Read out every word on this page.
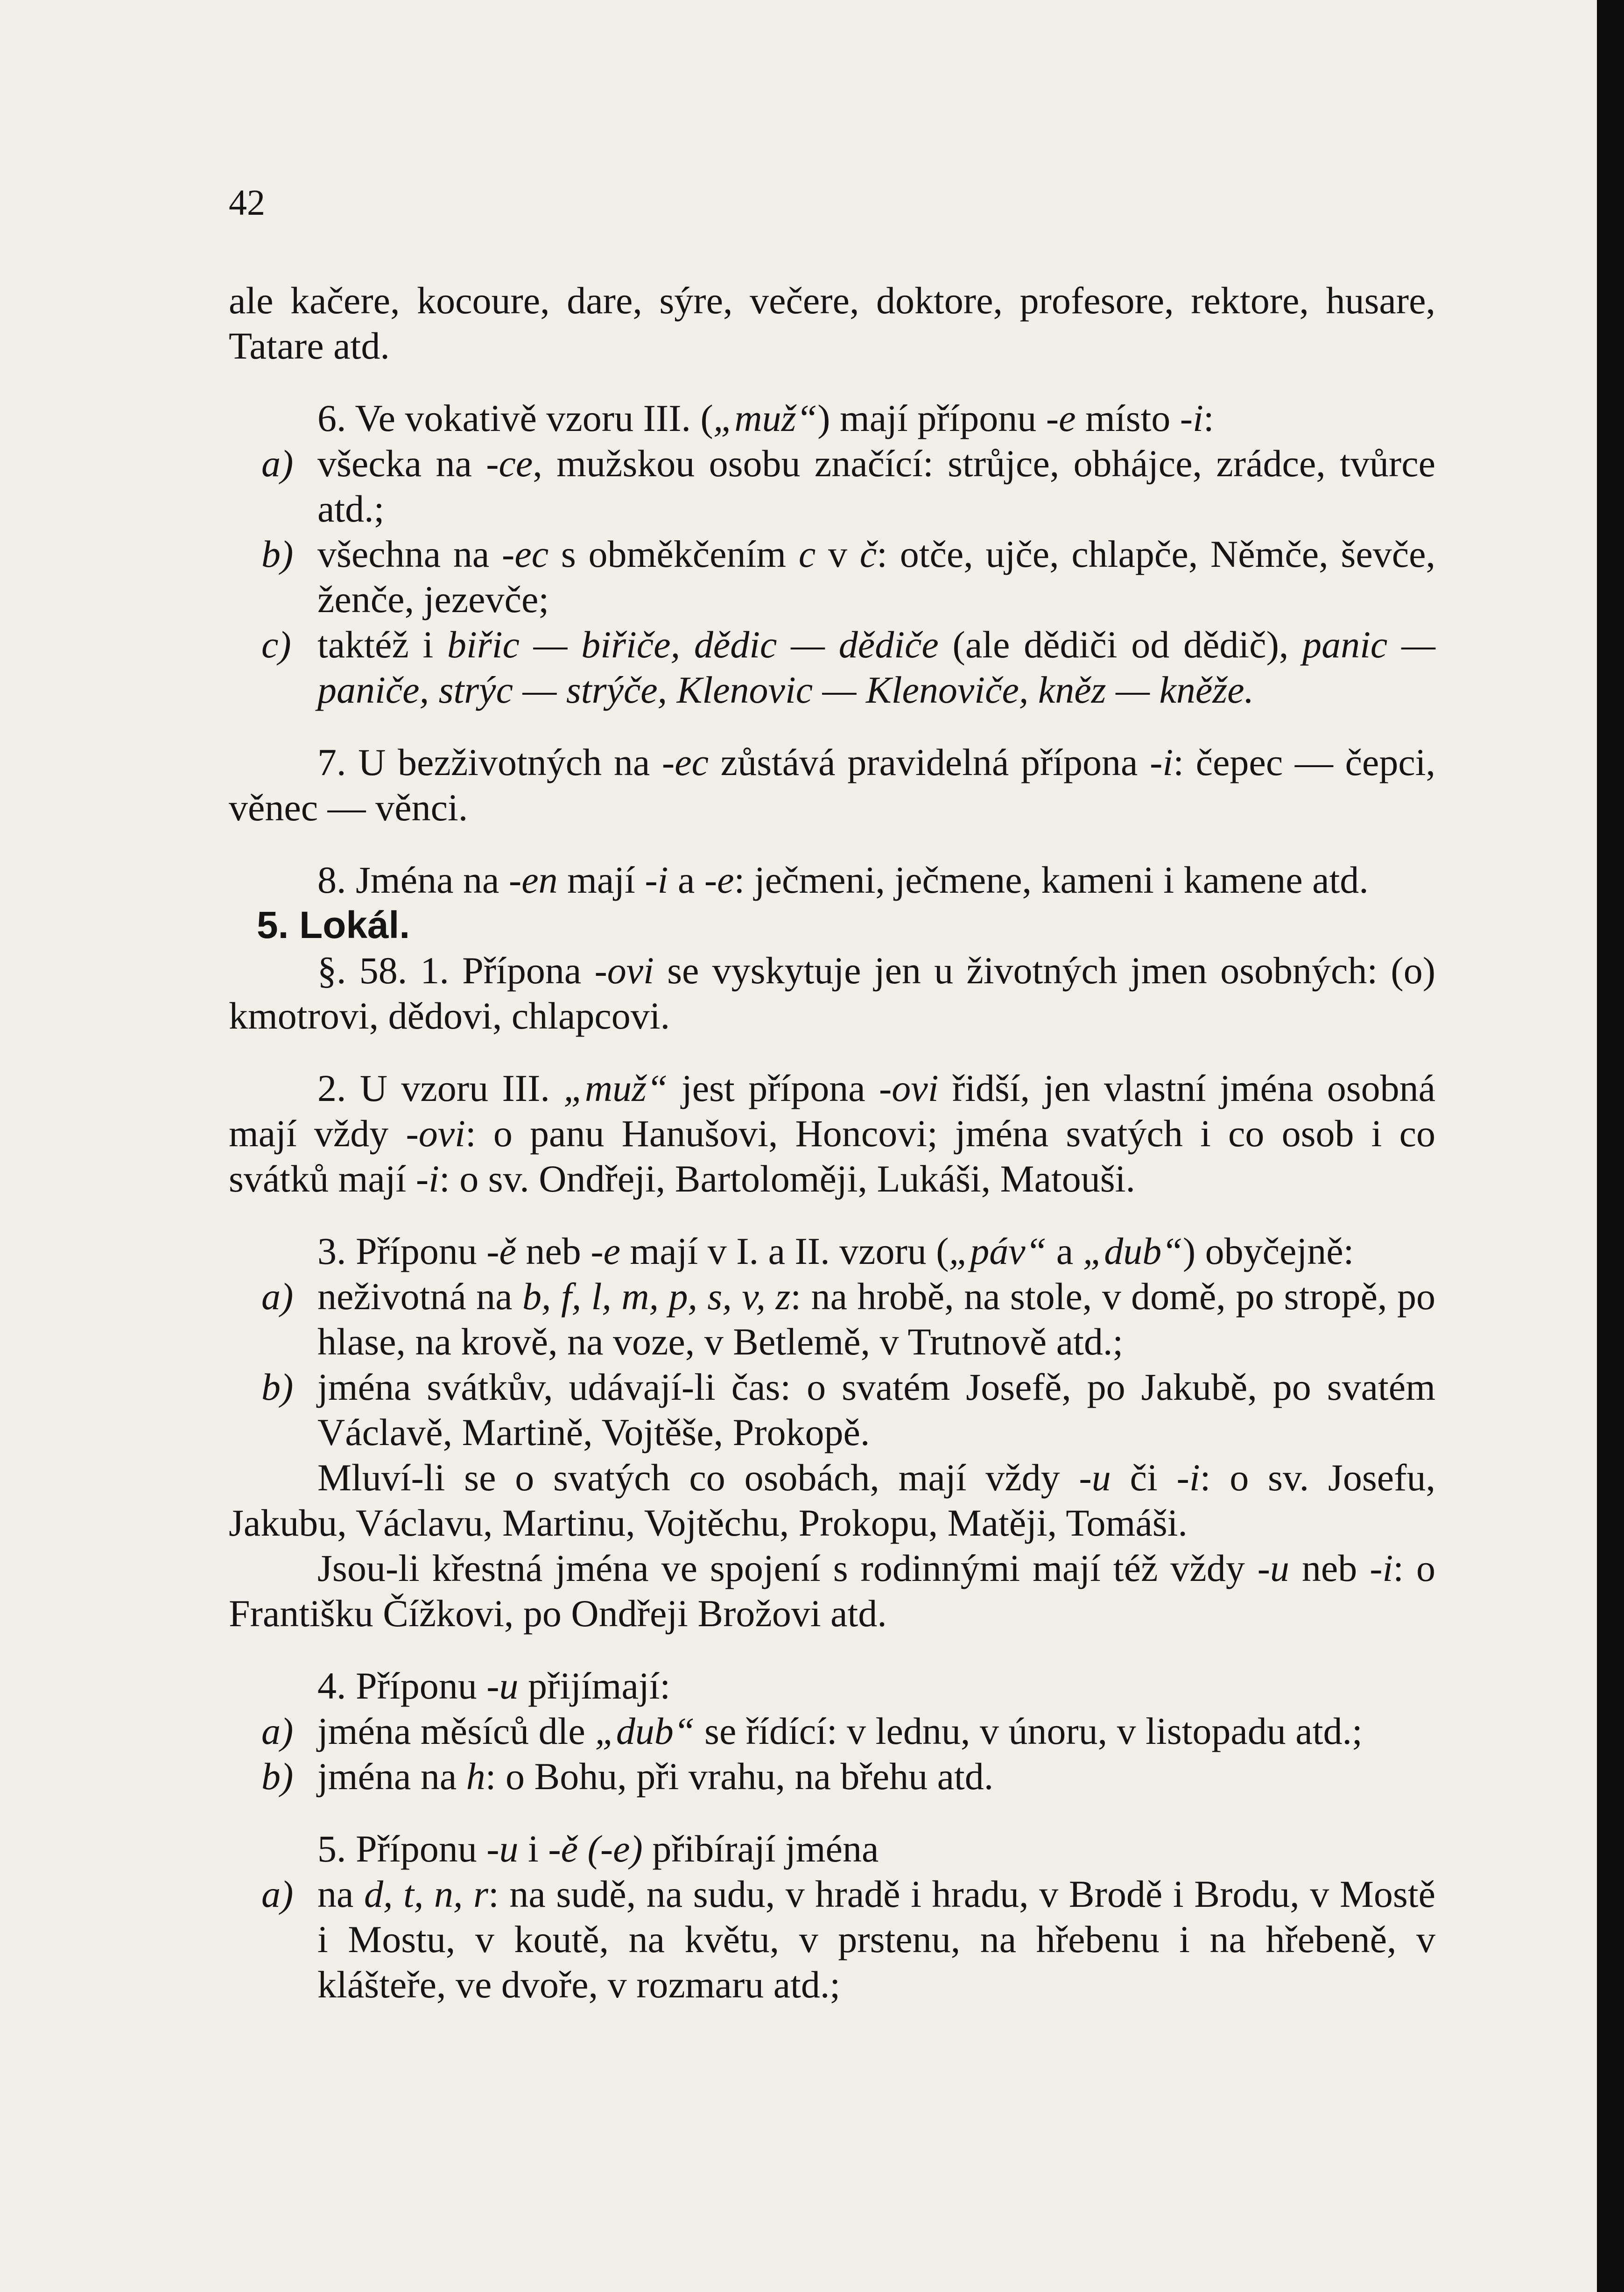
42

ale kačere, kocoure, dare, sýre, večere, doktore, profesore, rektore, husare, Tatare atd.

6. Ve vokativě vzoru III. („muž“) mají příponu -e místo -i:

a) všecka na -ce, mužskou osobu značící: strůjce, obhájce, zrádce, tvůrce atd.;

b) všechna na -ec s obměkčením c v č: otče, ujče, chlapče, Němče, ševče, ženče, jezevče;

c) taktéž i biřic — biřiče, dědic — dědiče (ale dědiči od dědič), panic — paniče, strýc — strýče, Klenovic — Klenoviče, kněz — kněže.

7. U bezživotných na -ec zůstává pravidelná přípona -i: čepec — čepci, věnec — věnci.

8. Jména na -en mají -i a -e: ječmeni, ječmene, kameni i kamene atd.

5. Lokál.

§. 58. 1. Přípona -ovi se vyskytuje jen u životných jmen osobných: (o) kmotrovi, dědovi, chlapcovi.

2. U vzoru III. „muž“ jest přípona -ovi řidší, jen vlastní jména osobná mají vždy -ovi: o panu Hanušovi, Honcovi; jména svatých i co osob i co svátků mají -i: o sv. Ondřeji, Bartoloměji, Lukáši, Matouši.

3. Příponu -ě neb -e mají v I. a II. vzoru („páv“ a „dub“) obyčejně:

a) neživotná na b, f, l, m, p, s, v, z: na hrobě, na stole, v domě, po stropě, po hlase, na krově, na voze, v Betlemě, v Trutnově atd.;

b) jména svátkův, udávají-li čas: o svatém Josefě, po Jakubě, po svatém Václavě, Martině, Vojtěše, Prokopě.

Mluví-li se o svatých co osobách, mají vždy -u či -i: o sv. Josefu, Jakubu, Václavu, Martinu, Vojtěchu, Prokopu, Matěji, Tomáši.

Jsou-li křestná jména ve spojení s rodinnými mají též vždy -u neb -i: o Františku Čížkovi, po Ondřeji Brožovi atd.

4. Příponu -u přijímají:

a) jména měsíců dle „dub“ se řídící: v lednu, v únoru, v listopadu atd.;

b) jména na h: o Bohu, při vrahu, na břehu atd.

5. Příponu -u i -ě (-e) přibírají jména

a) na d, t, n, r: na sudě, na sudu, v hradě i hradu, v Brodě i Brodu, v Mostě i Mostu, v koutě, na květu, v prstenu, na hřebenu i na hřebeně, v klášteře, ve dvoře, v rozmaru atd.;
